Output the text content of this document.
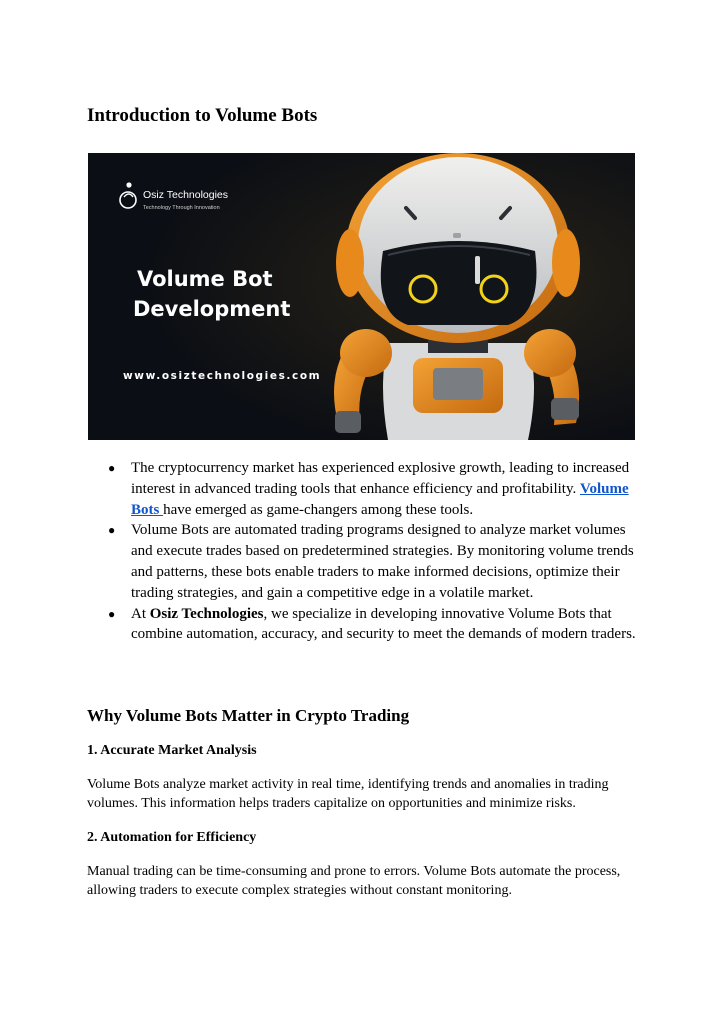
Introduction to Volume Bots
Osiz Technologies
Technology Through Innovation
Volume Bot
Development
www.osiztechnologies.com
● The cryptocurrency market has experienced explosive growth, leading to increased interest in advanced trading tools that enhance efficiency and profitability. Volume Bots have emerged as game-changers among these tools.
● Volume Bots are automated trading programs designed to analyze market volumes and execute trades based on predetermined strategies. By monitoring volume trends and patterns, these bots enable traders to make informed decisions, optimize their trading strategies, and gain a competitive edge in a volatile market.
● At Osiz Technologies, we specialize in developing innovative Volume Bots that combine automation, accuracy, and security to meet the demands of modern traders.
Why Volume Bots Matter in Crypto Trading
1. Accurate Market Analysis

Volume Bots analyze market activity in real time, identifying trends and anomalies in trading volumes. This information helps traders capitalize on opportunities and minimize risks.

2. Automation for Efficiency

Manual trading can be time-consuming and prone to errors. Volume Bots automate the process, allowing traders to execute complex strategies without constant monitoring.
